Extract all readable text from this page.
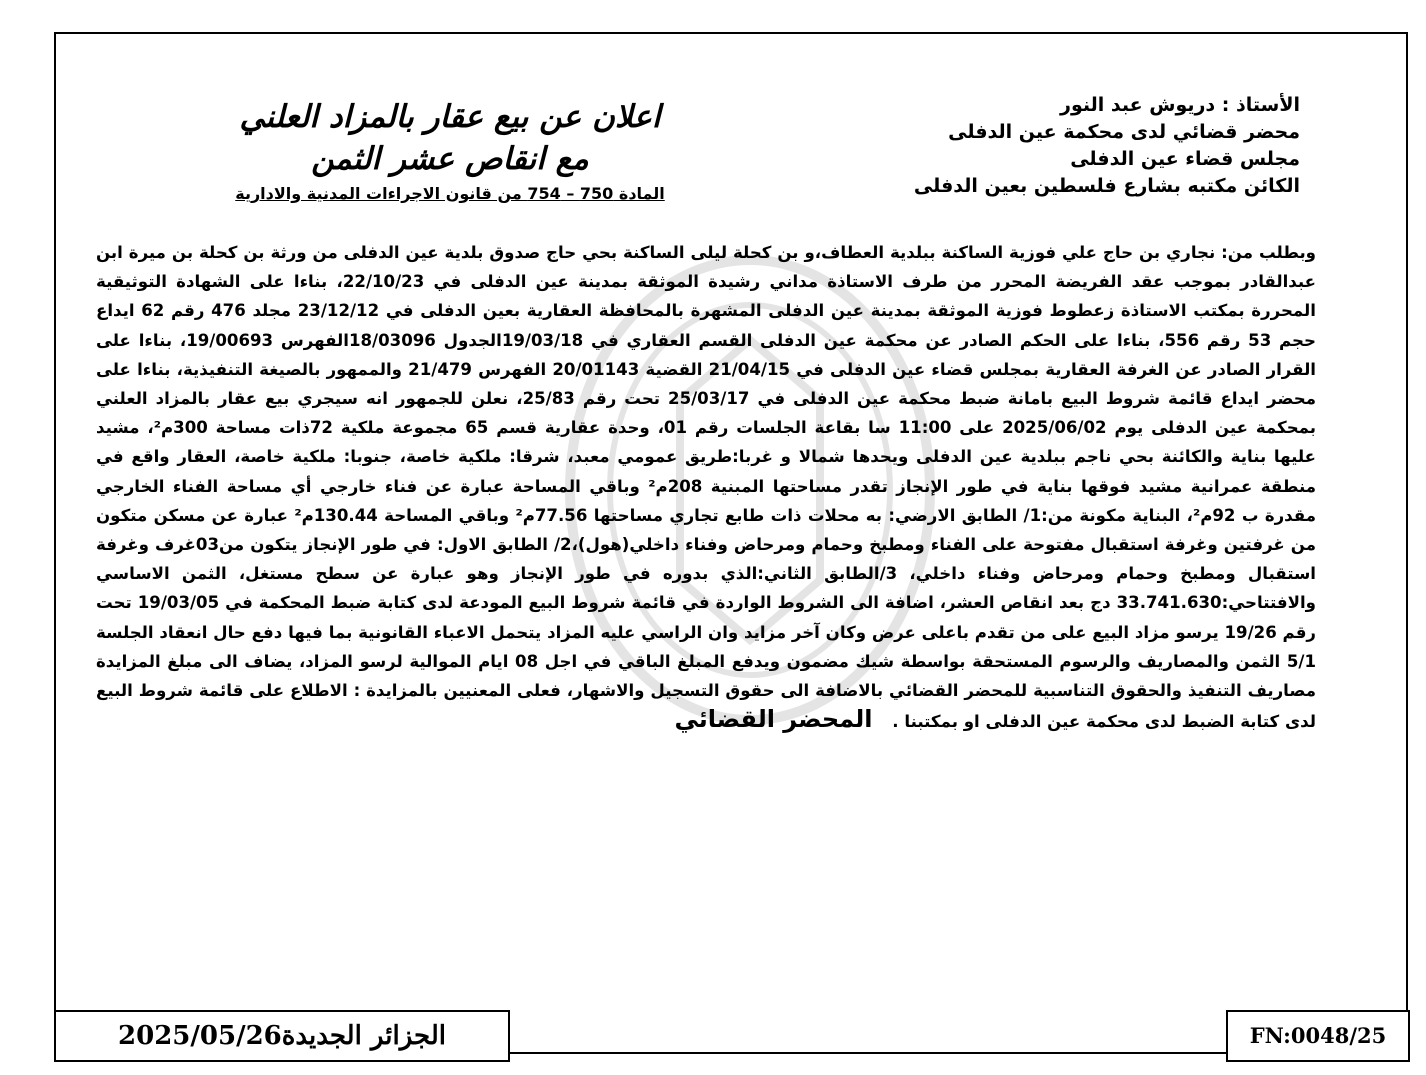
الأستاذ : دريوش عبد النور
محضر قضائي لدى محكمة عين الدفلى
مجلس قضاء عين الدفلى
الكائن مكتبه بشارع فلسطين بعين الدفلى
اعلان عن بيع عقار بالمزاد العلني
مع انقاص عشر الثمن
المادة 750 – 754 من قانون الاجراءات المدنية والادارية
وبطلب من: نجاري بن حاج علي فوزية الساكنة ببلدية العطاف،و بن كحلة ليلى الساكنة بحي حاج صدوق بلدية عين الدفلى من ورثة بن كحلة بن ميرة ابن عبدالقادر بموجب عقد الفريضة المحرر من طرف الاستاذة مداني رشيدة الموثقة بمدينة عين الدفلى في 22/10/23، بناءا على الشهادة التوثيقية المحررة بمكتب الاستاذة زعطوط فوزية الموثقة بمدينة عين الدفلى المشهرة بالمحافظة العقارية بعين الدفلى في 23/12/12 مجلد 476 رقم 62 ايداع حجم 53 رقم 556، بناءا على الحكم الصادر عن محكمة عين الدفلى القسم العقاري في 19/03/18الجدول 18/03096الفهرس 19/00693، بناءا على القرار الصادر عن الغرفة العقارية بمجلس قضاء عين الدفلى في 21/04/15 القضية 20/01143 الفهرس 21/479 والممهور بالصيغة التنفيذية، بناءا على محضر ايداع قائمة شروط البيع بامانة ضبط محكمة عين الدفلى في 25/03/17 تحت رقم 25/83، نعلن للجمهور انه سيجري بيع عقار بالمزاد العلني بمحكمة عين الدفلى يوم 2025/06/02 على 11:00 سا بقاعة الجلسات رقم 01، وحدة عقارية قسم 65 مجموعة ملكية 72ذات مساحة 300م²، مشيد عليها بناية والكائنة بحي ناجم ببلدية عين الدفلى ويحدها شمالا و غربا:طريق عمومي معبد، شرقا: ملكية خاصة، جنوبا: ملكية خاصة، العقار واقع في منطقة عمرانية مشيد فوقها بناية في طور الإنجاز تقدر مساحتها المبنية 208م² وباقي المساحة عبارة عن فناء خارجي أي مساحة الفناء الخارجي مقدرة ب 92م²، البناية مكونة من:1/ الطابق الارضي: به محلات ذات طابع تجاري مساحتها 77.56م² وباقي المساحة 130.44م² عبارة عن مسكن متكون من غرفتين وغرفة استقبال مفتوحة على الفناء ومطبخ وحمام ومرحاض وفناء داخلي(هول)،2/ الطابق الاول: في طور الإنجاز يتكون من03غرف وغرفة استقبال ومطبخ وحمام ومرحاض وفناء داخلي، 3/الطابق الثاني:الذي بدوره في طور الإنجاز وهو عبارة عن سطح مستغل، الثمن الاساسي والافتتاحي:33.741.630 دج بعد انقاص العشر، اضافة الى الشروط الواردة في قائمة شروط البيع المودعة لدى كتابة ضبط المحكمة في 19/03/05 تحت رقم 19/26 يرسو مزاد البيع على من تقدم باعلى عرض وكان آخر مزايد وان الراسي عليه المزاد يتحمل الاعباء القانونية بما فيها دفع حال انعقاد الجلسة 5/1 الثمن والمصاريف والرسوم المستحقة بواسطة شيك مضمون ويدفع المبلغ الباقي في اجل 08 ايام الموالية لرسو المزاد، يضاف الى مبلغ المزايدة مصاريف التنفيذ والحقوق التناسبية للمحضر القضائي بالاضافة الى حقوق التسجيل والاشهار، فعلى المعنيين بالمزايدة : الاطلاع على قائمة شروط البيع لدى كتابة الضبط لدى محكمة عين الدفلى او بمكتبنا . المحضر القضائي
الجزائر الجديدة2025/05/26	FN:0048/25
